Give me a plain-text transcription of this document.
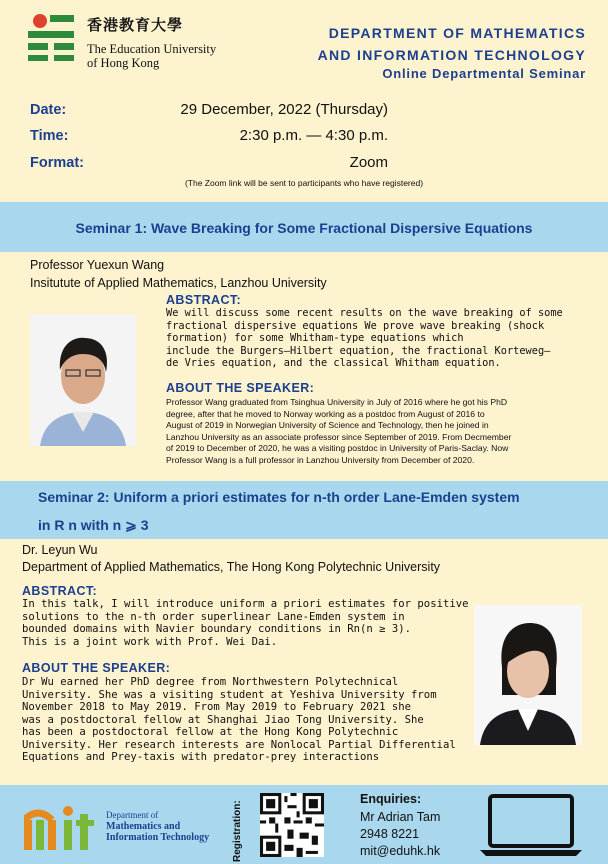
香港教育大學
The Education University
of Hong Kong
DEPARTMENT OF MATHEMATICS
AND INFORMATION TECHNOLOGY
Online Departmental Seminar
Date:	29 December, 2022 (Thursday)
Time:	2:30 p.m. — 4:30 p.m.
Format:	Zoom
(The Zoom link will be sent to participants who have registered)
Seminar 1: Wave Breaking for Some Fractional Dispersive Equations
Professor Yuexun Wang
Insitutute of Applied Mathematics, Lanzhou University
ABSTRACT:
We will discuss some recent results on the wave breaking of some
fractional dispersive equations We prove wave breaking (shock
formation) for some Whitham-type equations which
include the Burgers–Hilbert equation, the fractional Korteweg–
de Vries equation, and the classical Whitham equation.
ABOUT THE SPEAKER:
Professor Wang graduated from Tsinghua University in July of 2016 where he got his PhD
degree, after that he moved to Norway working as a postdoc from August of 2016 to
August of 2019 in Norwegian University of Science and Technology, then he joined in
Lanzhou University as an associate professor since September of 2019. From Decmember
of 2019 to December of 2020, he was a visiting postdoc in University of Paris-Saclay. Now
Professor Wang is a full professor in Lanzhou University from December of 2020.
Seminar 2: Uniform a priori estimates for n-th order Lane-Emden system
in R n with n ⩾ 3
Dr. Leyun Wu
Department of Applied Mathematics, The Hong Kong Polytechnic University
ABSTRACT:
In this talk, I will introduce uniform a priori estimates for positive
solutions to the n-th order superlinear Lane-Emden system in
bounded domains with Navier boundary conditions in Rn(n ≥ 3).
This is a joint work with Prof. Wei Dai.
ABOUT THE SPEAKER:
Dr Wu earned her PhD degree from Northwestern Polytechnical
University. She was a visiting student at Yeshiva University from
November 2018 to May 2019. From May 2019 to February 2021 she
was a postdoctoral fellow at Shanghai Jiao Tong University. She
has been a postdoctoral fellow at the Hong Kong Polytechnic
University. Her research interests are Nonlocal Partial Differential
Equations and Prey-taxis with predator-prey interactions
Department of
Mathematics and
Information Technology Registration:
Enquiries:
Mr Adrian Tam
2948 8221
mit@eduhk.hk
